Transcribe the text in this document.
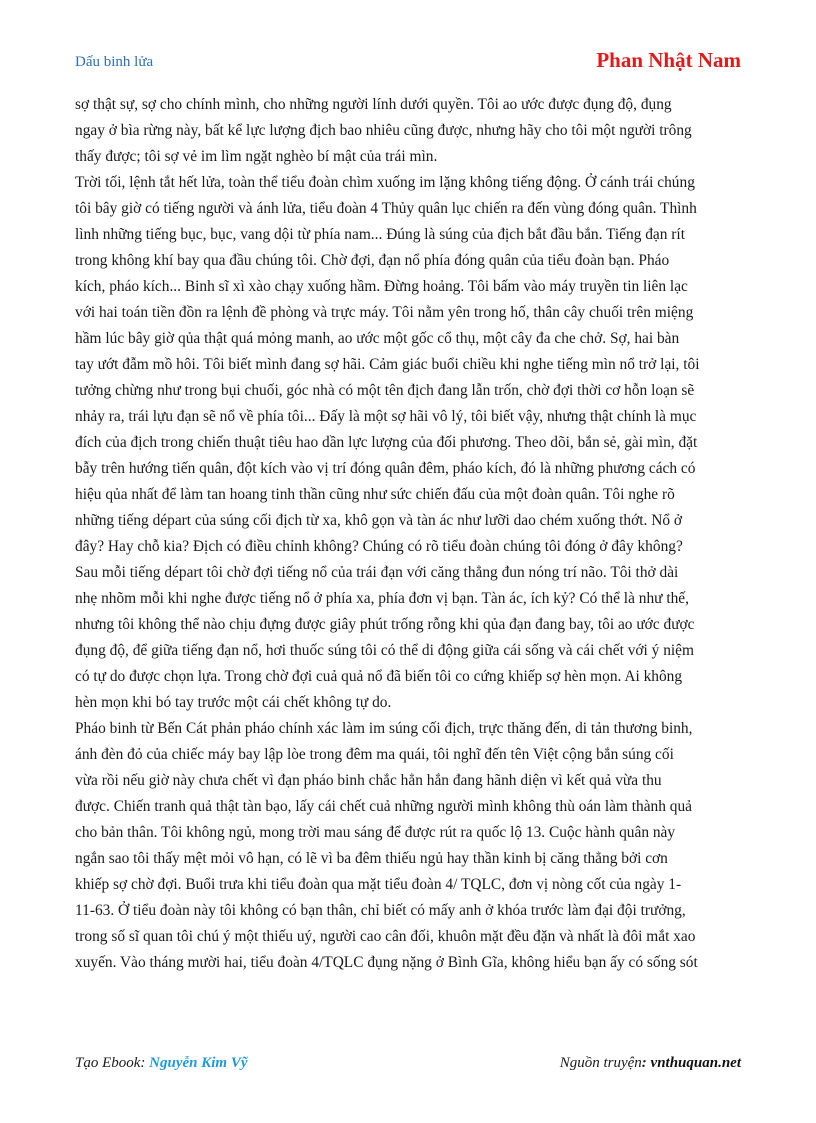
Dấu binh lửa	Phan Nhật Nam

sợ thật sự, sợ cho chính mình, cho những người lính dưới quyền. Tôi ao ước được đụng độ, đụng

ngay ở bìa rừng này, bất kể lực lượng địch bao nhiêu cũng được, nhưng hãy cho tôi một người trông

thấy được; tôi sợ vẻ im lìm ngặt nghèo bí mật của trái mìn.

Trời tối, lệnh tắt hết lửa, toàn thể tiểu đoàn chìm xuống im lặng không tiếng động. Ở cánh trái chúng

tôi bây giờ có tiếng người và ánh lửa, tiểu đoàn 4 Thủy quân lục chiến ra đến vùng đóng quân. Thình

lình những tiếng bục, bục, vang dội từ phía nam... Đúng là súng của địch bắt đầu bắn. Tiếng đạn rít

trong không khí bay qua đầu chúng tôi. Chờ đợi, đạn nổ phía đóng quân của tiểu đoàn bạn. Pháo

kích, pháo kích... Binh sĩ xì xào chạy xuống hầm. Đừng hoảng. Tôi bấm vào máy truyền tin liên lạc

với hai toán tiền đồn ra lệnh đề phòng và trực máy. Tôi nằm yên trong hố, thân cây chuối trên miệng

hầm lúc bây giờ qủa thật quá mỏng manh, ao ước một gốc cổ thụ, một cây đa che chở. Sợ, hai bàn

tay ướt đẫm mồ hôi. Tôi biết mình đang sợ hãi. Cảm giác buổi chiều khi nghe tiếng mìn nổ trở lại, tôi

tưởng chừng như trong bụi chuối, góc nhà có một tên địch đang lẫn trốn, chờ đợi thời cơ hỗn loạn sẽ

nhảy ra, trái lựu đạn sẽ nổ về phía tôi... Đấy là một sợ hãi vô lý, tôi biết vậy, nhưng thật chính là mục

đích của địch trong chiến thuật tiêu hao dần lực lượng của đối phương. Theo dõi, bắn sẻ, gài mìn, đặt

bẫy trên hướng tiến quân, đột kích vào vị trí đóng quân đêm, pháo kích, đó là những phương cách có

hiệu qủa nhất để làm tan hoang tinh thần cũng như sức chiến đấu của một đoàn quân. Tôi nghe rõ

những tiếng départ của súng cối địch từ xa, khô gọn và tàn ác như lưỡi dao chém xuống thớt. Nổ ở

đây? Hay chỗ kia? Địch có điều chỉnh không? Chúng có rõ tiểu đoàn chúng tôi đóng ở đây không?

Sau mỗi tiếng départ tôi chờ đợi tiếng nổ của trái đạn với căng thẳng đun nóng trí não. Tôi thở dài

nhẹ nhõm mỗi khi nghe được tiếng nổ ở phía xa, phía đơn vị bạn. Tàn ác, ích kỷ? Có thể là như thế,

nhưng tôi không thể nào chịu đựng được giây phút trống rỗng khi qủa đạn đang bay, tôi ao ước được

đụng độ, để giữa tiếng đạn nổ, hơi thuốc súng tôi có thể di động giữa cái sống và cái chết với ý niệm

có tự do được chọn lựa. Trong chờ đợi cuả quả nổ đã biến tôi co cứng khiếp sợ hèn mọn. Ai không

hèn mọn khi bó tay trước một cái chết không tự do.

Pháo binh từ Bến Cát phản pháo chính xác làm im súng cối địch, trực thăng đến, di tản thương binh,

ánh đèn đỏ của chiếc máy bay lập lòe trong đêm ma quái, tôi nghĩ đến tên Việt cộng bắn súng cối

vừa rồi nếu giờ này chưa chết vì đạn pháo binh chắc hẳn hắn đang hãnh diện vì kết quả vừa thu

được. Chiến tranh quả thật tàn bạo, lấy cái chết cuả những người mình không thù oán làm thành quả

cho bản thân. Tôi không ngủ, mong trời mau sáng để được rút ra quốc lộ 13. Cuộc hành quân này

ngắn sao tôi thấy mệt mỏi vô hạn, có lẽ vì ba đêm thiếu ngủ hay thần kinh bị căng thẳng bởi cơn

khiếp sợ chờ đợi. Buổi trưa khi tiểu đoàn qua mặt tiểu đoàn 4/ TQLC, đơn vị nòng cốt của ngày 1-

11-63. Ở tiểu đoàn này tôi không có bạn thân, chỉ biết có mấy anh ở khóa trước làm đại đội trưởng,

trong số sĩ quan tôi chú ý một thiếu uý, người cao cân đối, khuôn mặt đều đặn và nhất là đôi mắt xao

xuyến. Vào tháng mười hai, tiểu đoàn 4/TQLC đụng nặng ở Bình Gĩa, không hiểu bạn ấy có sống sót

Tạo Ebook: Nguyễn Kim Vỹ	Nguồn truyện: vnthuquan.net
